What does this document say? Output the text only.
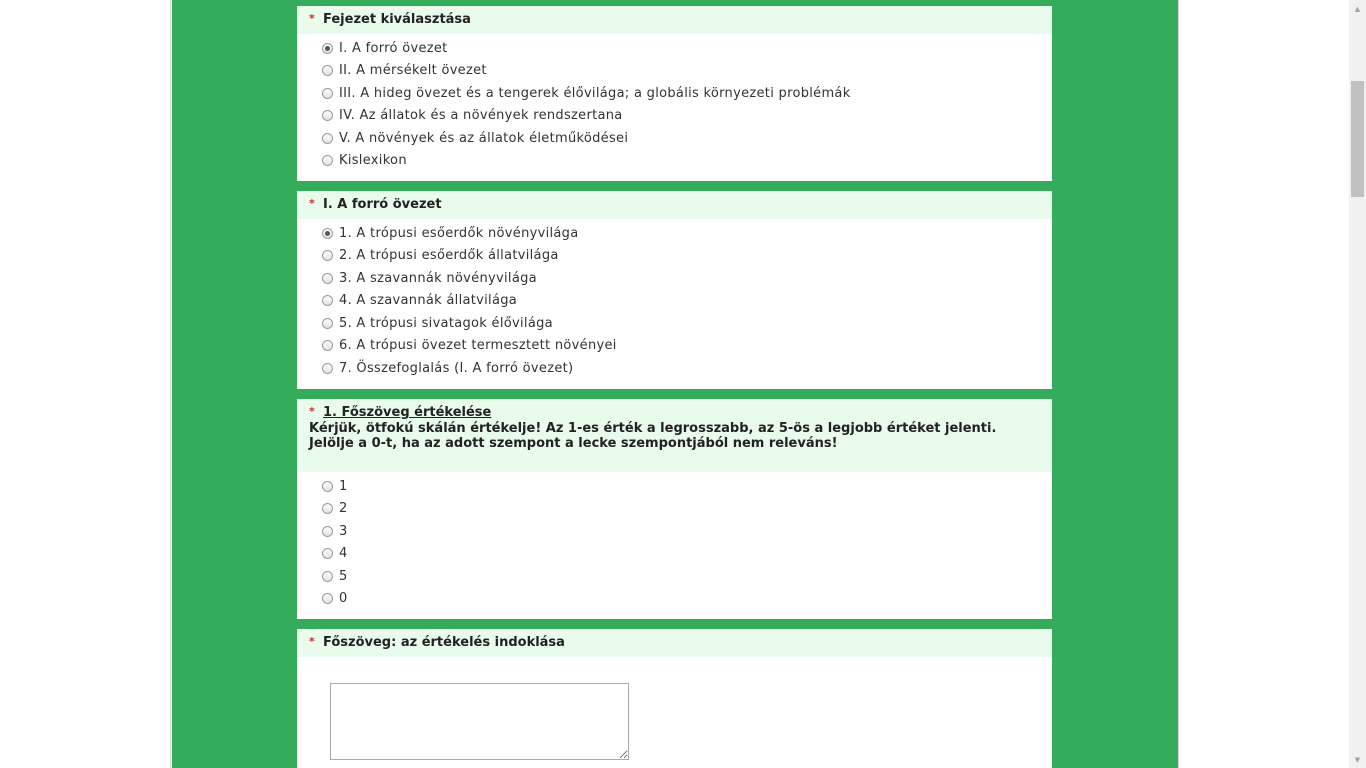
* Fejezet kiválasztása
I. A forró övezet
II. A mérsékelt övezet
III. A hideg övezet és a tengerek élővilága; a globális környezeti problémák
IV. Az állatok és a növények rendszertana
V. A növények és az állatok életműködései
Kislexikon
* I. A forró övezet
1. A trópusi esőerdők növényvilága
2. A trópusi esőerdők állatvilága
3. A szavannák növényvilága
4. A szavannák állatvilága
5. A trópusi sivatagok élővilága
6. A trópusi övezet termesztett növényei
7. Összefoglalás (I. A forró övezet)
* 1. Főszöveg értékelése
Kérjük, ötfokú skálán értékelje! Az 1-es érték a legrosszabb, az 5-ös a legjobb értéket jelenti. Jelölje a 0-t, ha az adott szempont a lecke szempontjából nem releváns!
1
2
3
4
5
0
* Főszöveg: az értékelés indoklása
▲
▼
